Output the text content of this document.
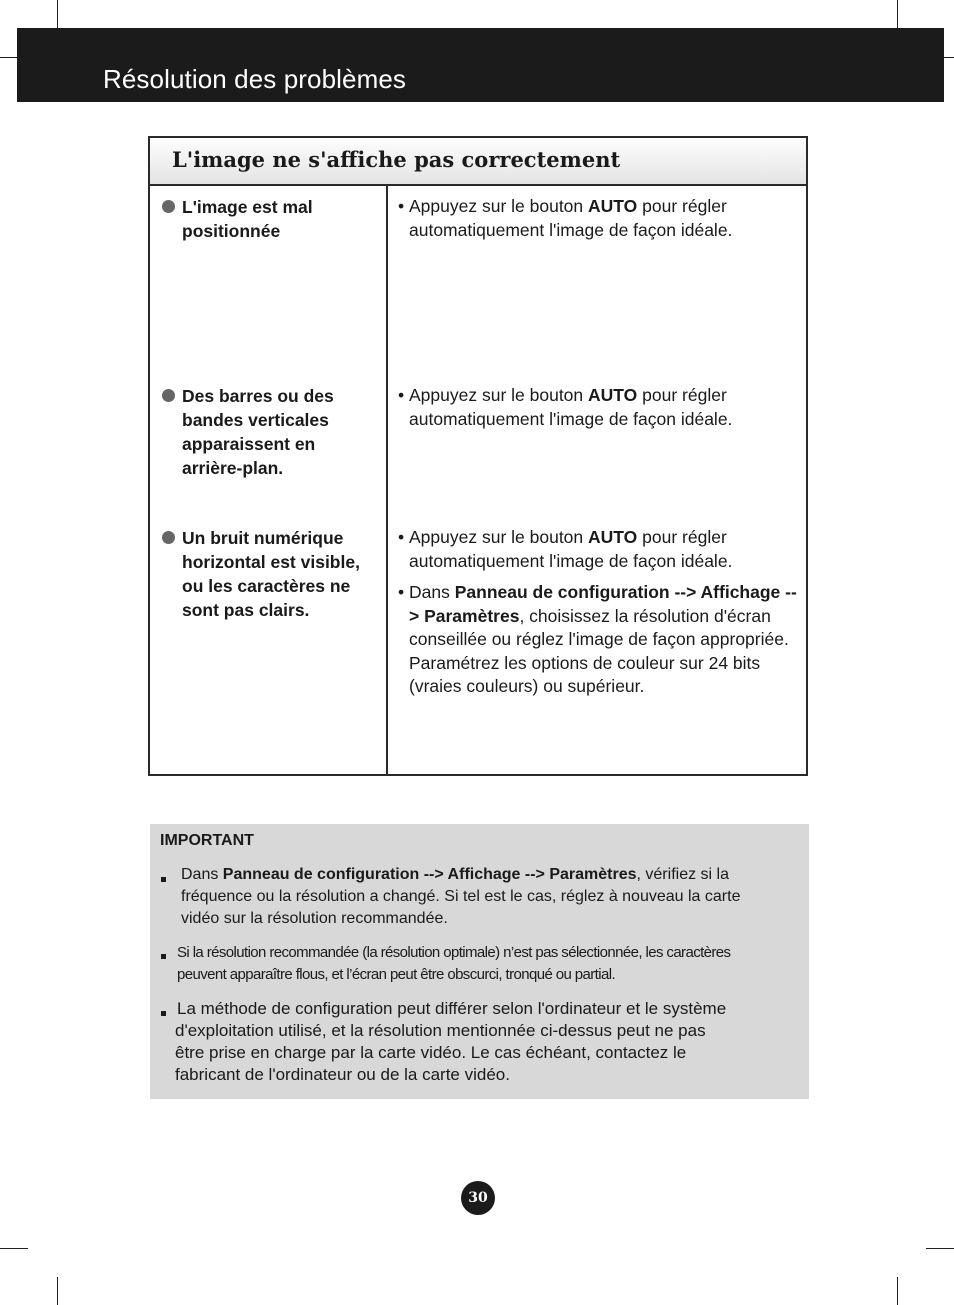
Résolution des problèmes
L'image ne s'affiche pas correctement
L'image est mal positionnée
• Appuyez sur le bouton AUTO pour régler automatiquement l'image de façon idéale.
Des barres ou des bandes verticales apparaissent en arrière-plan.
• Appuyez sur le bouton AUTO pour régler automatiquement l'image de façon idéale.
Un bruit numérique horizontal est visible, ou les caractères ne sont pas clairs.
• Appuyez sur le bouton AUTO pour régler automatiquement l'image de façon idéale.
• Dans Panneau de configuration --> Affichage --> Paramètres, choisissez la résolution d'écran conseillée ou réglez l'image de façon appropriée. Paramétrez les options de couleur sur 24 bits (vraies couleurs) ou supérieur.
IMPORTANT
Dans Panneau de configuration --> Affichage --> Paramètres, vérifiez si la fréquence ou la résolution a changé. Si tel est le cas, réglez à nouveau la carte vidéo sur la résolution recommandée.
Si la résolution recommandée (la résolution optimale) n’est pas sélectionnée, les caractères peuvent apparaître flous, et l’écran peut être obscurci, tronqué ou partial.
La méthode de configuration peut différer selon l'ordinateur et le système d'exploitation utilisé, et la résolution mentionnée ci-dessus peut ne pas être prise en charge par la carte vidéo. Le cas échéant, contactez le fabricant de l'ordinateur ou de la carte vidéo.
30
